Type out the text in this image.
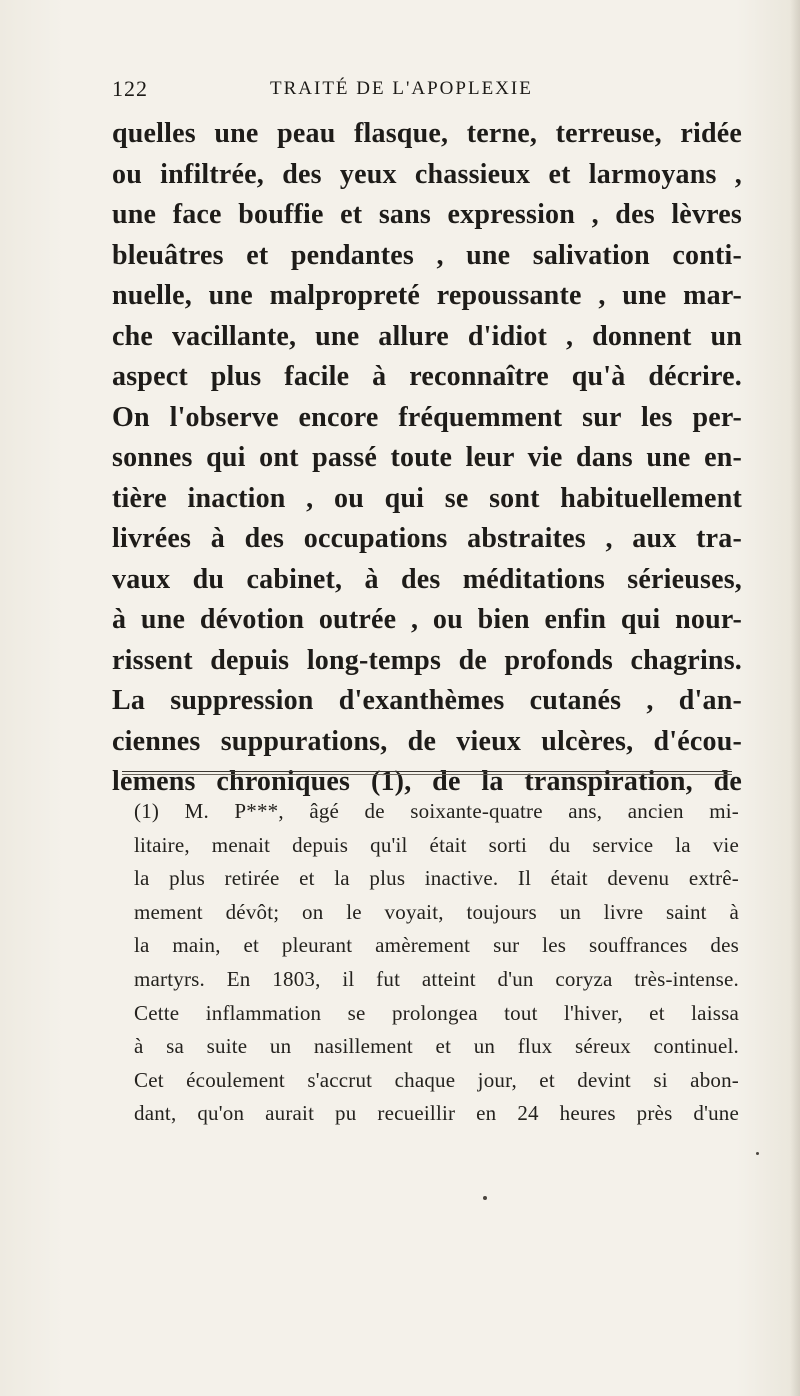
122	TRAITÉ DE L'APOPLEXIE
quelles une peau flasque, terne, terreuse, ridée
ou infiltrée, des yeux chassieux et larmoyans ,
une face bouffie et sans expression , des lèvres
bleuâtres et pendantes , une salivation conti-
nuelle, une malpropreté repoussante , une mar-
che vacillante, une allure d'idiot , donnent un
aspect plus facile à reconnaître qu'à décrire.
On l'observe encore fréquemment sur les per-
sonnes qui ont passé toute leur vie dans une en-
tière inaction , ou qui se sont habituellement
livrées à des occupations abstraites , aux tra-
vaux du cabinet, à des méditations sérieuses,
à une dévotion outrée , ou bien enfin qui nour-
rissent depuis long-temps de profonds chagrins.
La suppression d'exanthèmes cutanés , d'an-
ciennes suppurations, de vieux ulcères, d'écou-
lemens chroniques (1), de la transpiration, de
(1) M. P***, âgé de soixante-quatre ans, ancien mi-
litaire, menait depuis qu'il était sorti du service la vie
la plus retirée et la plus inactive. Il était devenu extrê-
mement dévôt; on le voyait, toujours un livre saint à
la main, et pleurant amèrement sur les souffrances des
martyrs. En 1803, il fut atteint d'un coryza très-intense.
Cette inflammation se prolongea tout l'hiver, et laissa
à sa suite un nasillement et un flux séreux continuel.
Cet écoulement s'accrut chaque jour, et devint si abon-
dant, qu'on aurait pu recueillir en 24 heures près d'une
